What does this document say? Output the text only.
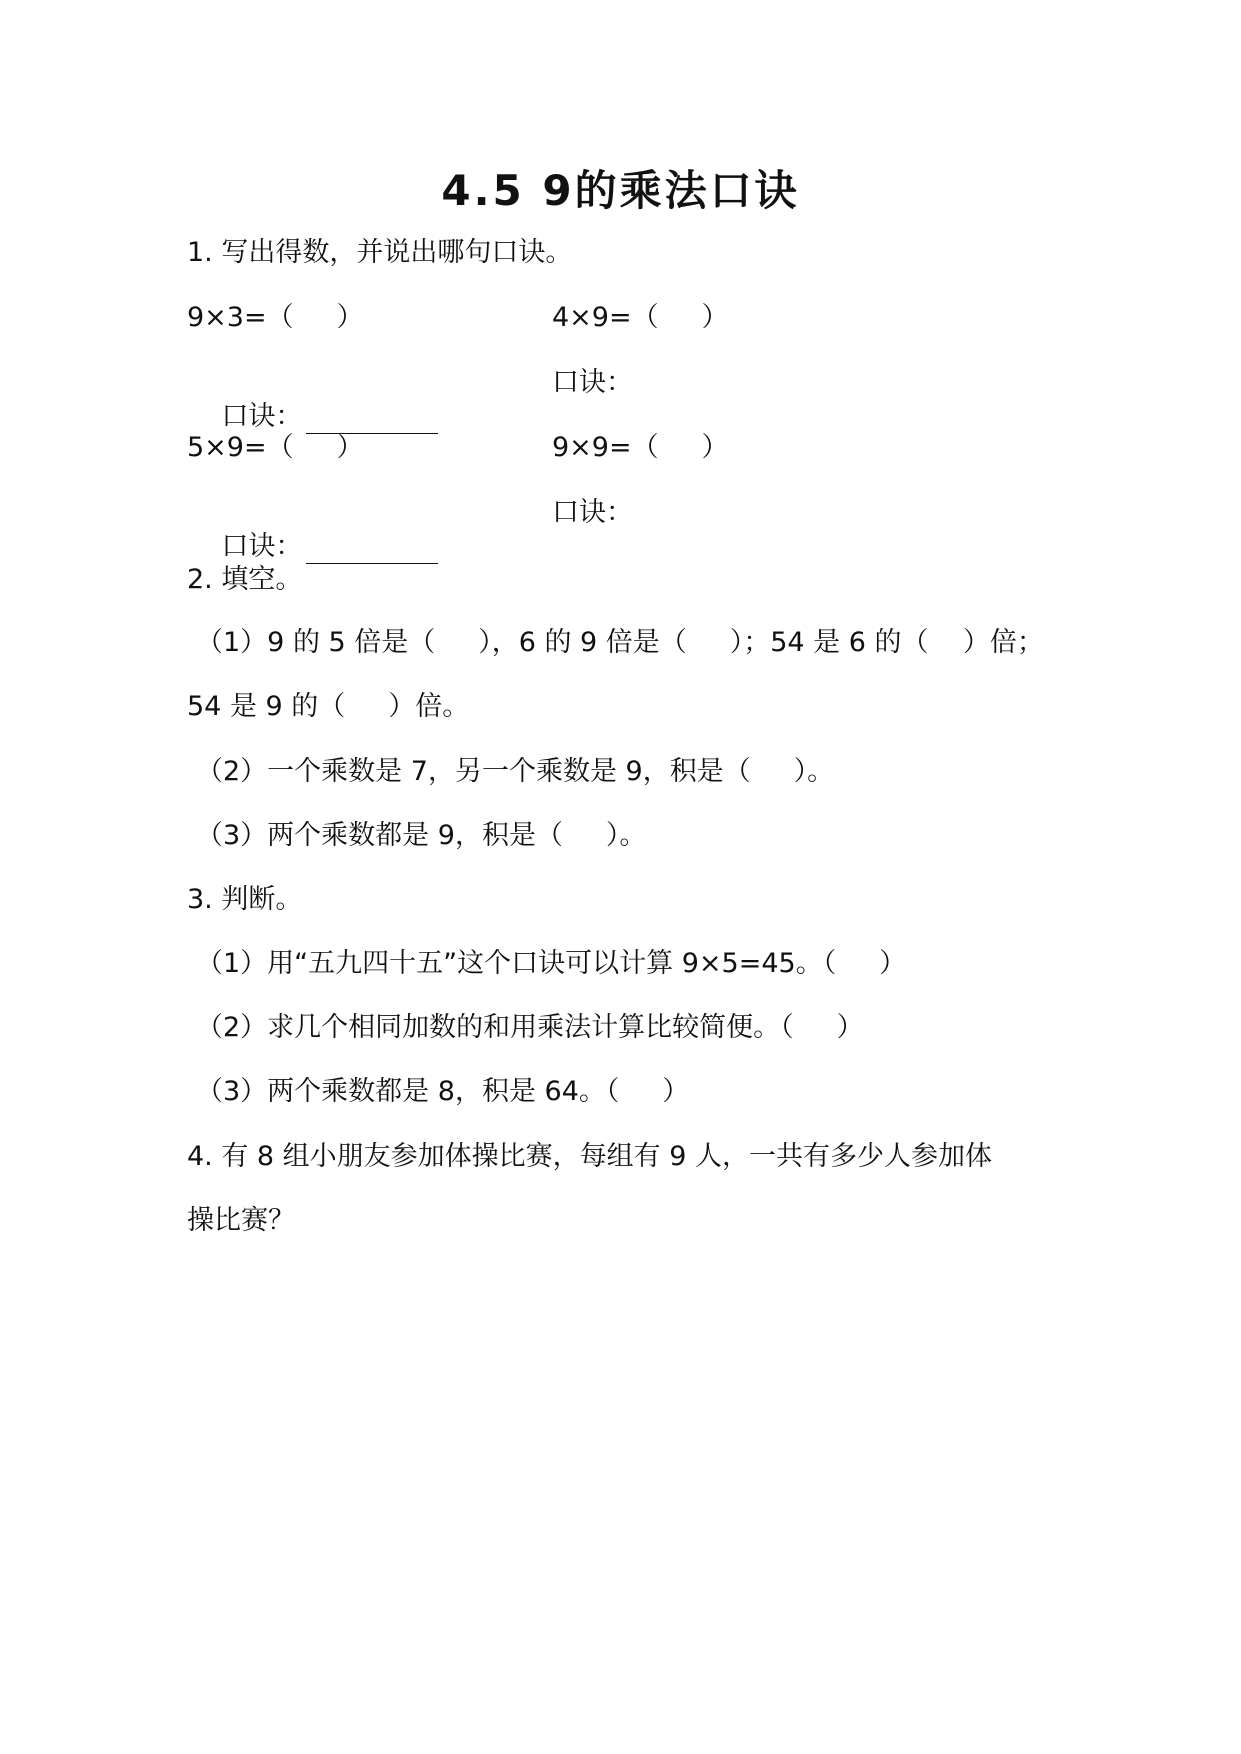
4.5 9的乘法口诀
1. 写出得数，并说出哪句口诀。
9×3=（     ）	4×9=（     ）

口诀：

口诀：
5×9=（     ）	9×9=（     ）

口诀：

口诀：
2. 填空。
（1）9 的 5 倍是（     ），6 的 9 倍是（     ）；54 是 6 的（    ）倍；
54 是 9 的（     ）倍。
（2）一个乘数是 7，另一个乘数是 9，积是（     ）。
（3）两个乘数都是 9，积是（     ）。
3. 判断。
（1）用“五九四十五”这个口诀可以计算 9×5=45。（     ）
（2）求几个相同加数的和用乘法计算比较简便。（     ）
（3）两个乘数都是 8，积是 64。（     ）
4. 有 8 组小朋友参加体操比赛，每组有 9 人，一共有多少人参加体
操比赛？
